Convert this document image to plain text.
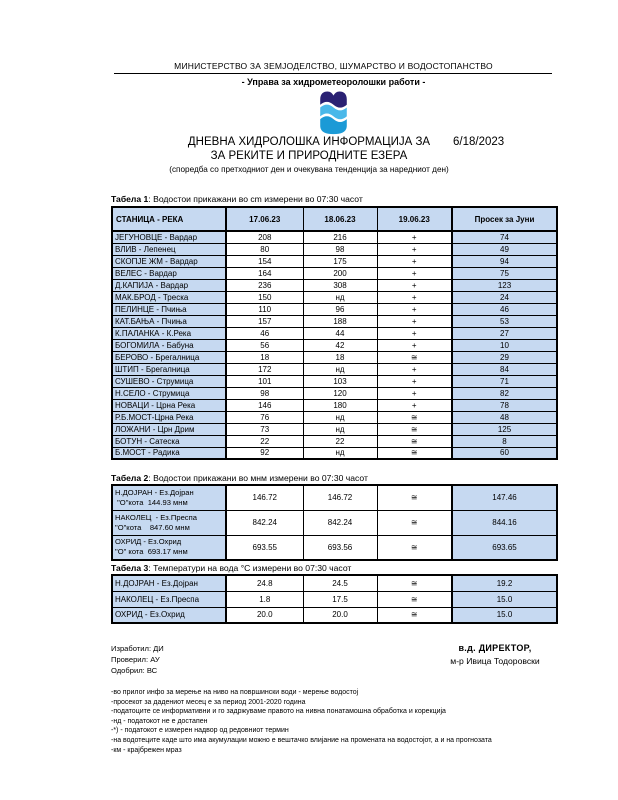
МИНИСТЕРСТВО ЗА ЗЕМЈОДЕЛСТВО, ШУМАРСТВО И ВОДОСТОПАНСТВО
- Управа за хидрометеоролошки работи -
ДНЕВНА ХИДРОЛОШКА ИНФОРМАЦИЈА ЗА	6/18/2023
ЗА РЕКИТЕ И ПРИРОДНИТЕ ЕЗЕРА
(споредба со претходниот ден и очекувана тенденција за наредниот ден)
Табела 1: Водостои прикажани во cm измерени во 07:30 часот
СТАНИЦА - РЕКА	17.06.23	18.06.23	19.06.23	Просек за Јуни
ЈЕГУНОВЦЕ - Вардар	208	216	+	74
ВЛИВ - Лепенец	80	98	+	49
СКОПЈЕ ЖМ - Вардар	154	175	+	94
ВЕЛЕС - Вардар	164	200	+	75
Д.КАПИЈА - Вардар	236	308	+	123
МАК.БРОД - Треска	150	нд	+	24
ПЕЛИНЦЕ - Пчиња	110	96	+	46
КАТ.БАЊА - Пчиња	157	188	+	53
К.ПАЛАНКА - К.Река	46	44	+	27
БОГОМИЛА - Бабуна	56	42	+	10
БЕРОВО - Брегалница	18	18	≅	29
ШТИП - Брегалница	172	нд	+	84
СУШЕВО - Струмица	101	103	+	71
Н.СЕЛО - Струмица	98	120	+	82
НОВАЦИ - Црна Река	146	180	+	78
Р.Б.МОСТ-Црна Река	76	нд	≅	48
ЛОЖАНИ - Црн Дрим	73	нд	≅	125
БОТУН - Сатеска	22	22	≅	8
Б.МОСТ - Радика	92	нд	≅	60
Табела 2: Водостои прикажани во мнм измерени во 07:30 часот
Н.ДОЈРАН - Ез.Дојран
"О"кота  144.93 мнм	146.72	146.72	≅	147.46

НАКОЛЕЦ  - Ез.Преспа
"О"кота    847.60 мнм	842.24	842.24	≅	844.16

ОХРИД - Ез.Охрид
"О" кота  693.17 мнм	693.55	693.56	≅	693.65
Табела 3: Температури на вода °С измерени во 07:30 часот
Н.ДОЈРАН - Ез.Дојран	24.8	24.5	≅	19.2
НАКОЛЕЦ - Ез.Преспа	1.8	17.5	≅	15.0
ОХРИД - Ез.Охрид	20.0	20.0	≅	15.0
Изработил: ДИ
Проверил: АУ
Одобрил: ВС
в.д. ДИРЕКТОР,
м-р Ивица Тодоровски
-во прилог инфо за мерење на ниво на површински води - мерење водостој
-просекот за дадениот месец е за период 2001-2020 година
-податоците се информативни и го задржуваме правото на нивна понатамошна обработка и корекција
-нд - податокот не е достапен
-*) - податокот е измерен надвор од редовниот термин
-на водотеците каде што има акумулации можно е вештачко влијание на промената на водостојот, а и на прогнозата
-км - крајбрежен мраз
